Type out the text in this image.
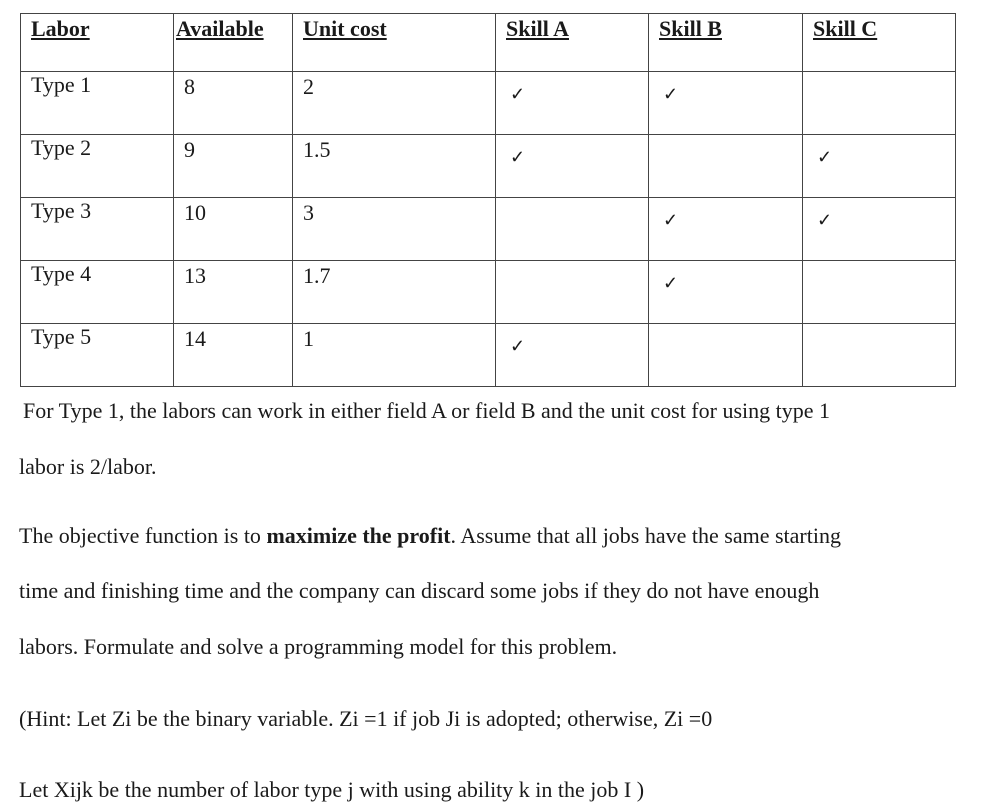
Labor	Available	Unit cost	Skill A	Skill B	Skill C

Type 1	8	2	✓	✓	

Type 2	9	1.5	✓		✓

Type 3	10	3		✓	✓

Type 4	13	1.7		✓	

Type 5	14	1	✓		

For Type 1, the labors can work in either field A or field B and the unit cost for using type 1
labor is 2/labor.
The objective function is to maximize the profit. Assume that all jobs have the same starting
time and finishing time and the company can discard some jobs if they do not have enough
labors. Formulate and solve a programming model for this problem.
(Hint: Let Zi be the binary variable. Zi =1 if job Ji is adopted; otherwise, Zi =0
Let Xijk be the number of labor type j with using ability k in the job I )
